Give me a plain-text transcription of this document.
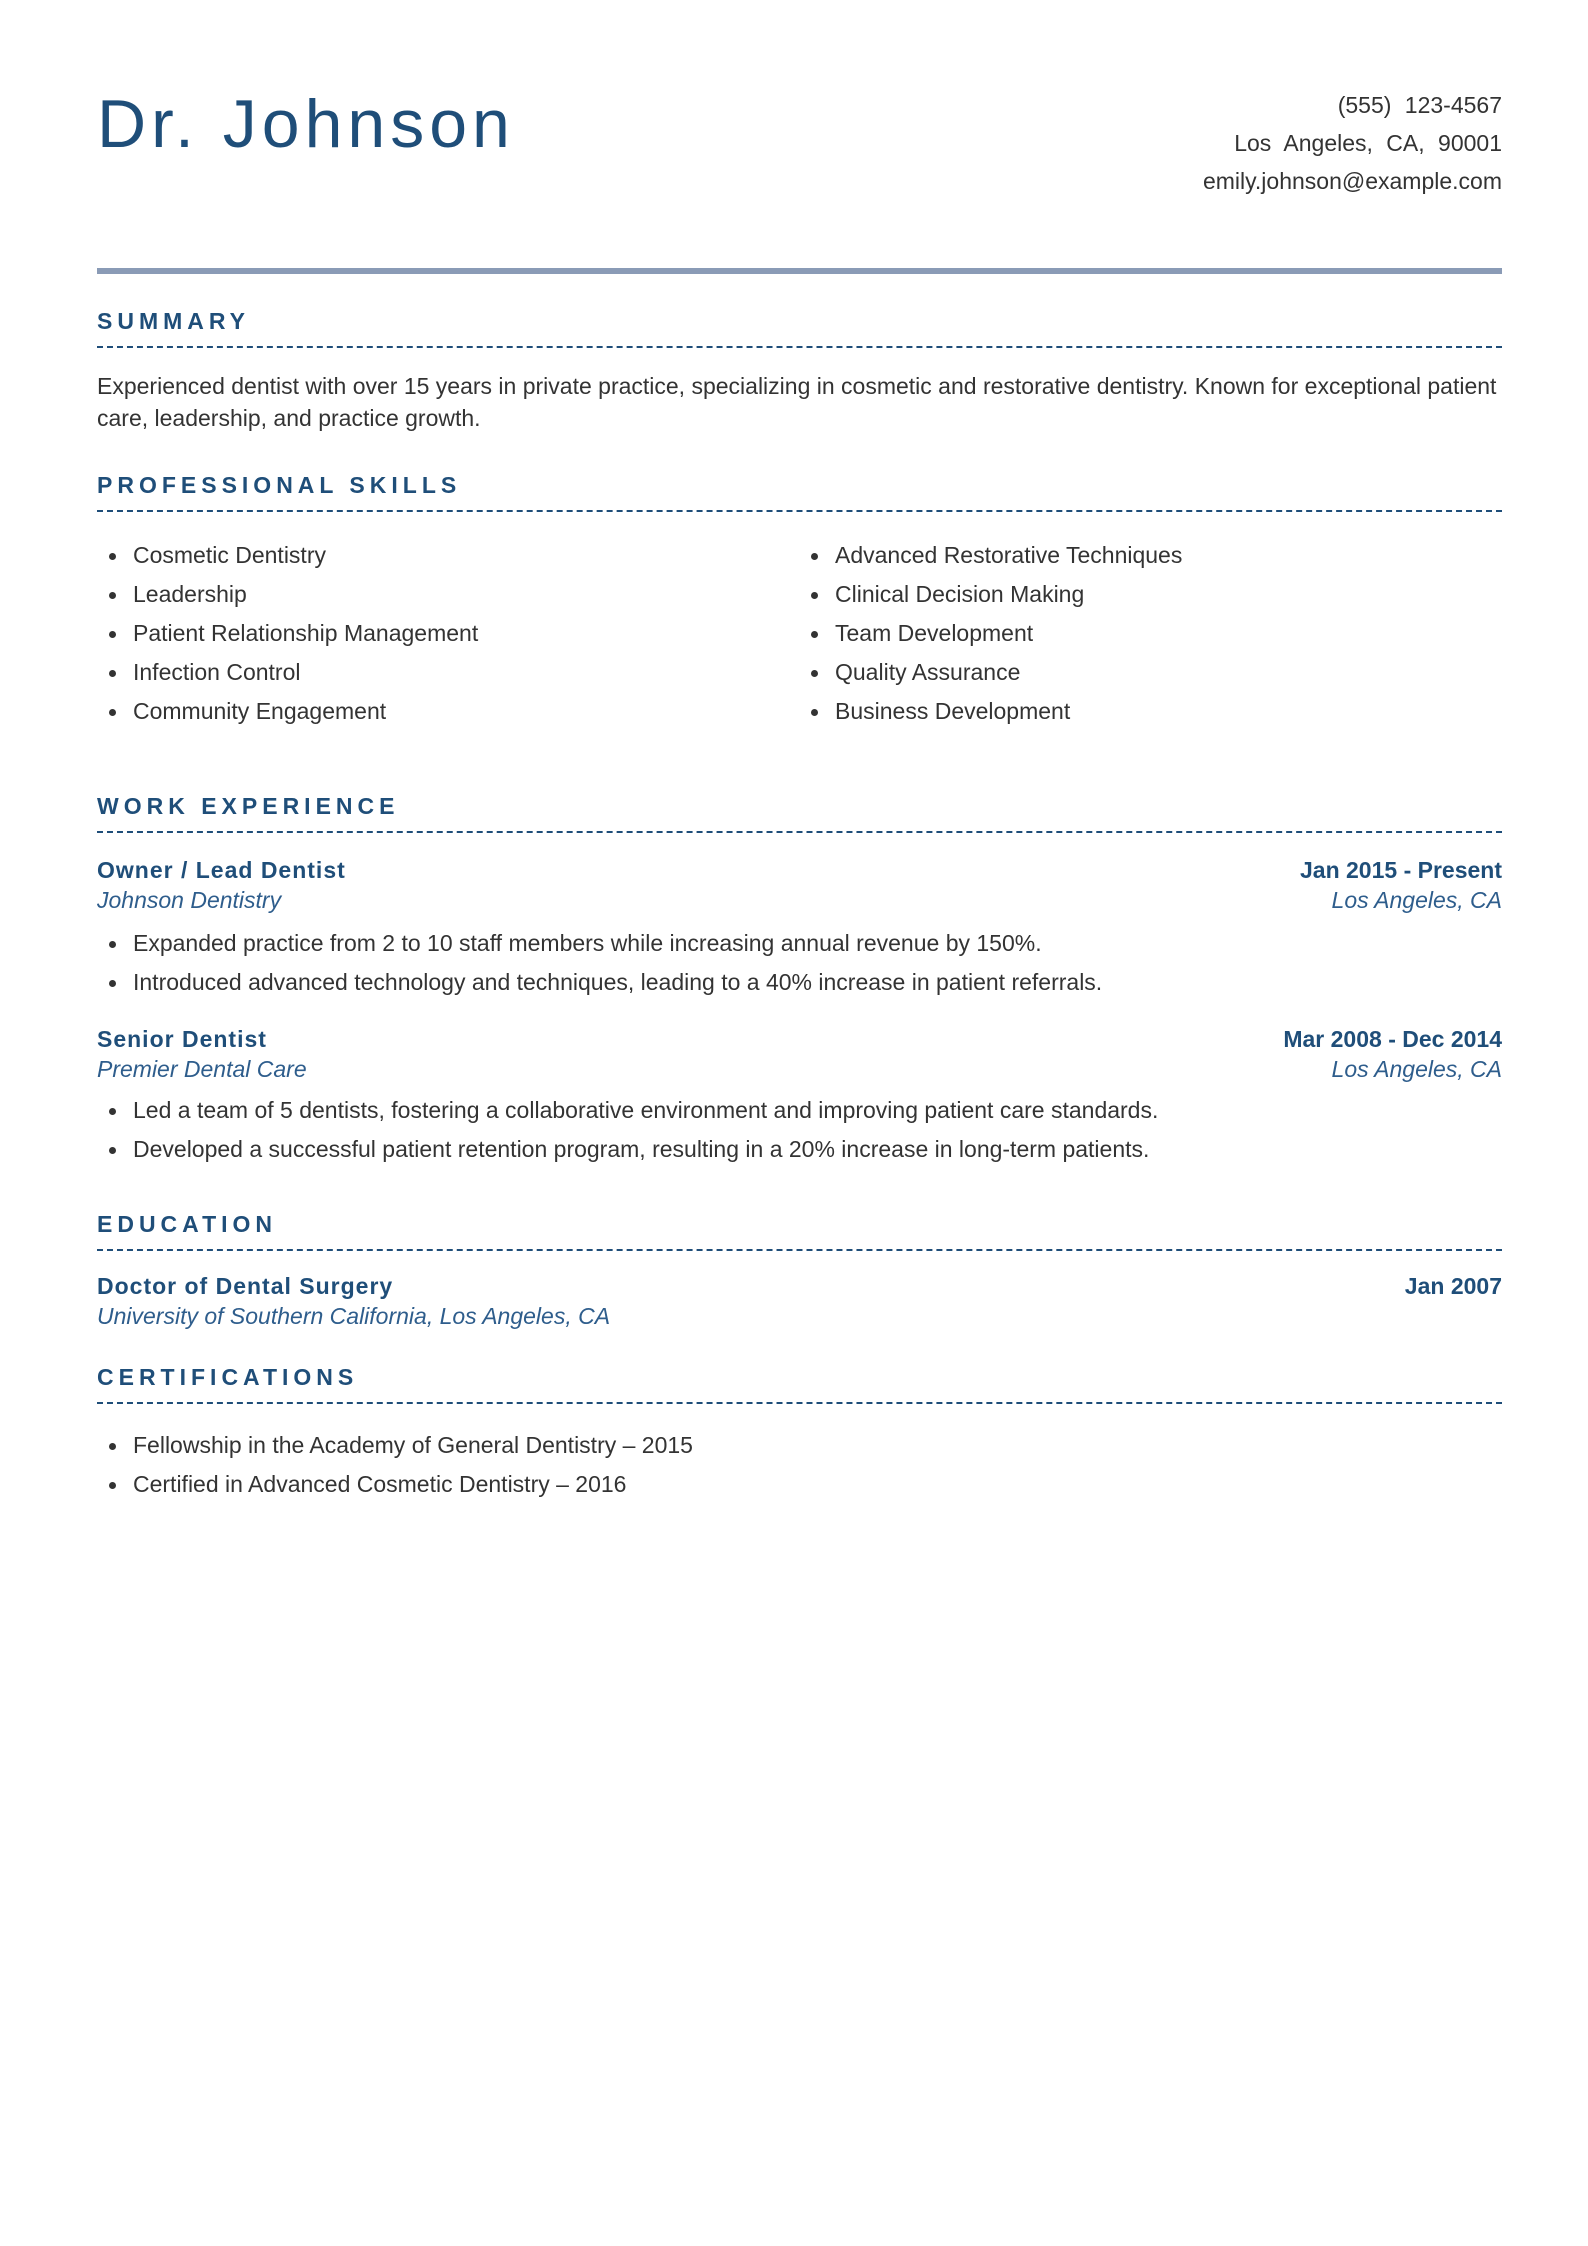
Dr. Johnson	(555) 123-4567
Los Angeles, CA, 90001
emily.johnson@example.com
SUMMARY
Experienced dentist with over 15 years in private practice, specializing in cosmetic and restorative dentistry. Known for exceptional patient care, leadership, and practice growth.
PROFESSIONAL SKILLS
Cosmetic Dentistry
Leadership
Patient Relationship Management
Infection Control
Community Engagement
Advanced Restorative Techniques
Clinical Decision Making
Team Development
Quality Assurance
Business Development
WORK EXPERIENCE
Owner / Lead Dentist	Jan 2015 - Present
Johnson Dentistry	Los Angeles, CA
Expanded practice from 2 to 10 staff members while increasing annual revenue by 150%.
Introduced advanced technology and techniques, leading to a 40% increase in patient referrals.
Senior Dentist	Mar 2008 - Dec 2014
Premier Dental Care	Los Angeles, CA
Led a team of 5 dentists, fostering a collaborative environment and improving patient care standards.
Developed a successful patient retention program, resulting in a 20% increase in long-term patients.
EDUCATION
Doctor of Dental Surgery	Jan 2007
University of Southern California, Los Angeles, CA
CERTIFICATIONS
Fellowship in the Academy of General Dentistry – 2015
Certified in Advanced Cosmetic Dentistry – 2016
